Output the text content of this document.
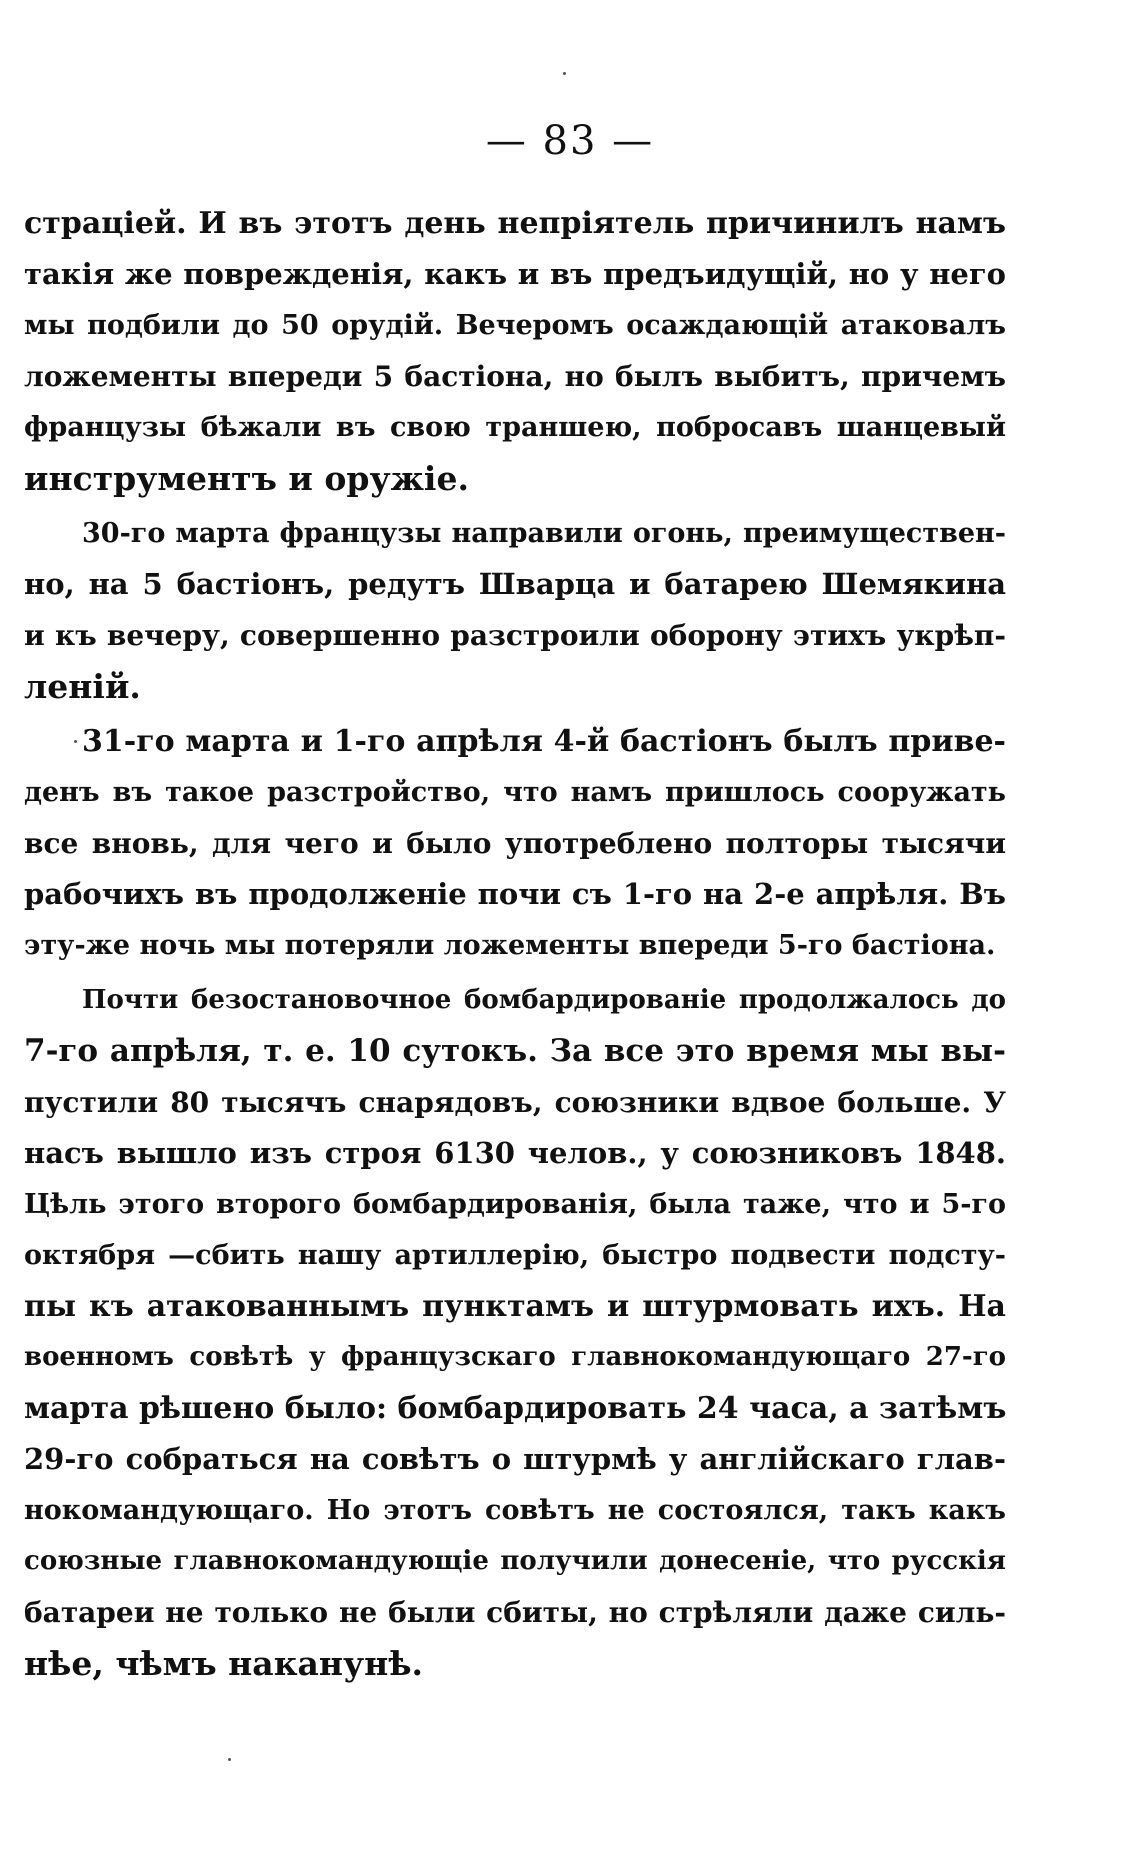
— 83 —
страціей. И въ этотъ день непріятель причинилъ намъ
такія же поврежденія, какъ и въ предъидущій, но у него
мы подбили до 50 орудій. Вечеромъ осаждающій атаковалъ
ложементы впереди 5 бастіона, но былъ выбитъ, причемъ
французы бѣжали въ свою траншею, побросавъ шанцевый
инструментъ и оружіе.
30-го марта французы направили огонь, преимуществен-
но, на 5 бастіонъ, редутъ Шварца и батарею Шемякина
и къ вечеру, совершенно разстроили оборону этихъ укрѣп-
леній.
31-го марта и 1-го апрѣля 4-й бастіонъ былъ приве-
денъ въ такое разстройство, что намъ пришлось сооружать
все вновь, для чего и было употреблено полторы тысячи
рабочихъ въ продолженіе почи съ 1-го на 2-е апрѣля. Въ
эту-же ночь мы потеряли ложементы впереди 5-го бастіона.
Почти безостановочное бомбардированіе продолжалось до
7-го апрѣля, т. е. 10 сутокъ. За все это время мы вы-
пустили 80 тысячъ снарядовъ, союзники вдвое больше. У
насъ вышло изъ строя 6130 челов., у союзниковъ 1848.
Цѣль этого второго бомбардированія, была таже, что и 5-го
октября —сбить нашу артиллерію, быстро подвести подсту-
пы къ атакованнымъ пунктамъ и штурмовать ихъ. На
военномъ совѣтѣ у французскаго главнокомандующаго 27-го
марта рѣшено было: бомбардировать 24 часа, а затѣмъ
29-го собраться на совѣтъ о штурмѣ у англійскаго глав-
нокомандующаго. Но этотъ совѣтъ не состоялся, такъ какъ
союзные главнокомандующіе получили донесеніе, что русскія
батареи не только не были сбиты, но стрѣляли даже силь-
нѣе, чѣмъ наканунѣ.
